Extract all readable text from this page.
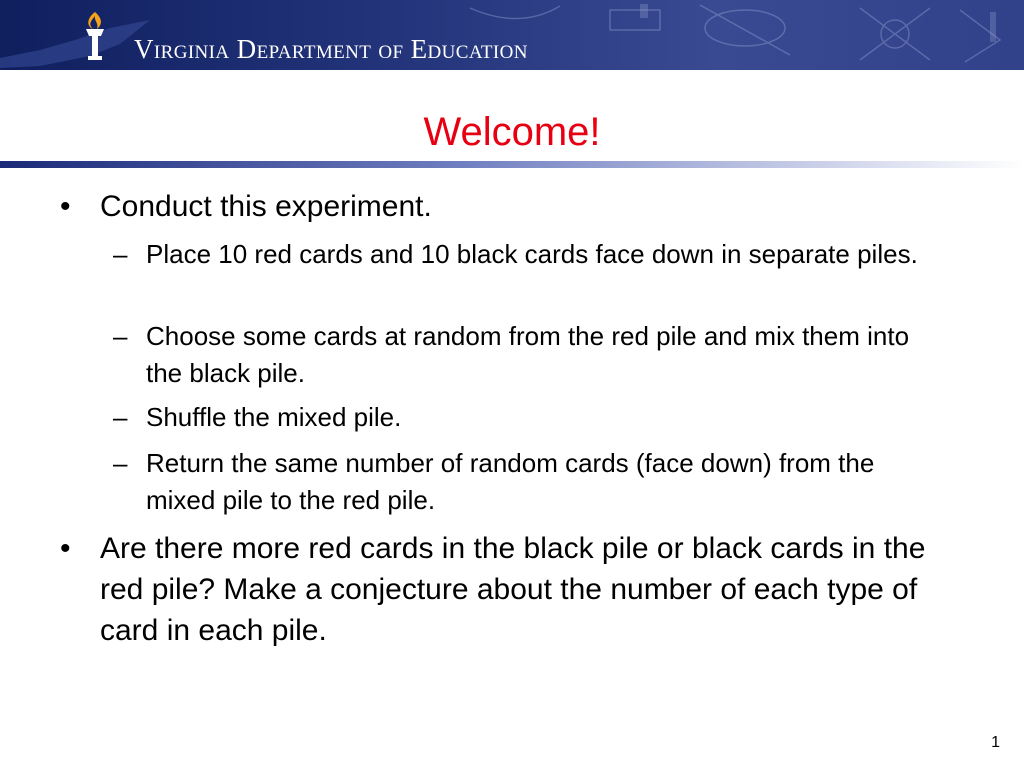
Virginia Department of Education
Welcome!
• Conduct this experiment.
– Place 10 red cards and 10 black cards face down in separate piles.
– Choose some cards at random from the red pile and mix them into the black pile.
– Shuffle the mixed pile.
– Return the same number of random cards (face down) from the mixed pile to the red pile.
• Are there more red cards in the black pile or black cards in the red pile? Make a conjecture about the number of each type of card in each pile.
1
